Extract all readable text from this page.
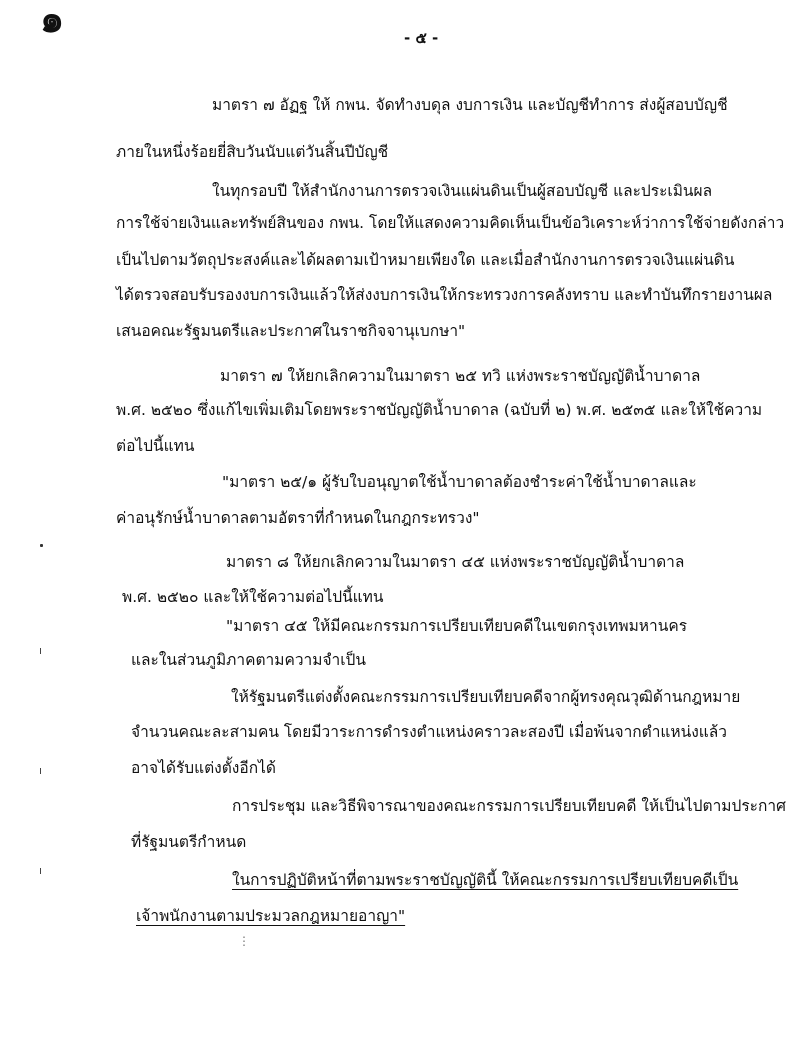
๑	- ๕ -
มาตรา ๗ อัฏฐ ให้ กพน. จัดทำงบดุล งบการเงิน และบัญชีทำการ ส่งผู้สอบบัญชี
ภายในหนึ่งร้อยยี่สิบวันนับแต่วันสิ้นปีบัญชี
ในทุกรอบปี ให้สำนักงานการตรวจเงินแผ่นดินเป็นผู้สอบบัญชี และประเมินผล
การใช้จ่ายเงินและทรัพย์สินของ กพน. โดยให้แสดงความคิดเห็นเป็นข้อวิเคราะห์ว่าการใช้จ่ายดังกล่าว
เป็นไปตามวัตถุประสงค์และได้ผลตามเป้าหมายเพียงใด และเมื่อสำนักงานการตรวจเงินแผ่นดิน
ได้ตรวจสอบรับรองงบการเงินแล้วให้ส่งงบการเงินให้กระทรวงการคลังทราบ และทำบันทึกรายงานผล
เสนอคณะรัฐมนตรีและประกาศในราชกิจจานุเบกษา"
มาตรา ๗ ให้ยกเลิกความในมาตรา ๒๕ ทวิ แห่งพระราชบัญญัติน้ำบาดาล
พ.ศ. ๒๕๒๐ ซึ่งแก้ไขเพิ่มเติมโดยพระราชบัญญัติน้ำบาดาล (ฉบับที่ ๒) พ.ศ. ๒๕๓๕ และให้ใช้ความ
ต่อไปนี้แทน
"มาตรา ๒๕/๑ ผู้รับใบอนุญาตใช้น้ำบาดาลต้องชำระค่าใช้น้ำบาดาลและ
ค่าอนุรักษ์น้ำบาดาลตามอัตราที่กำหนดในกฎกระทรวง"
มาตรา ๘ ให้ยกเลิกความในมาตรา ๔๕ แห่งพระราชบัญญัติน้ำบาดาล
พ.ศ. ๒๕๒๐ และให้ใช้ความต่อไปนี้แทน
"มาตรา ๔๕ ให้มีคณะกรรมการเปรียบเทียบคดีในเขตกรุงเทพมหานคร
และในส่วนภูมิภาคตามความจำเป็น
ให้รัฐมนตรีแต่งตั้งคณะกรรมการเปรียบเทียบคดีจากผู้ทรงคุณวุฒิด้านกฎหมาย
จำนวนคณะละสามคน โดยมีวาระการดำรงตำแหน่งคราวละสองปี เมื่อพ้นจากตำแหน่งแล้ว
อาจได้รับแต่งตั้งอีกได้
การประชุม และวิธีพิจารณาของคณะกรรมการเปรียบเทียบคดี ให้เป็นไปตามประกาศ
ที่รัฐมนตรีกำหนด
ในการปฏิบัติหน้าที่ตามพระราชบัญญัตินี้ ให้คณะกรรมการเปรียบเทียบคดีเป็น
เจ้าพนักงานตามประมวลกฎหมายอาญา"
⋮
